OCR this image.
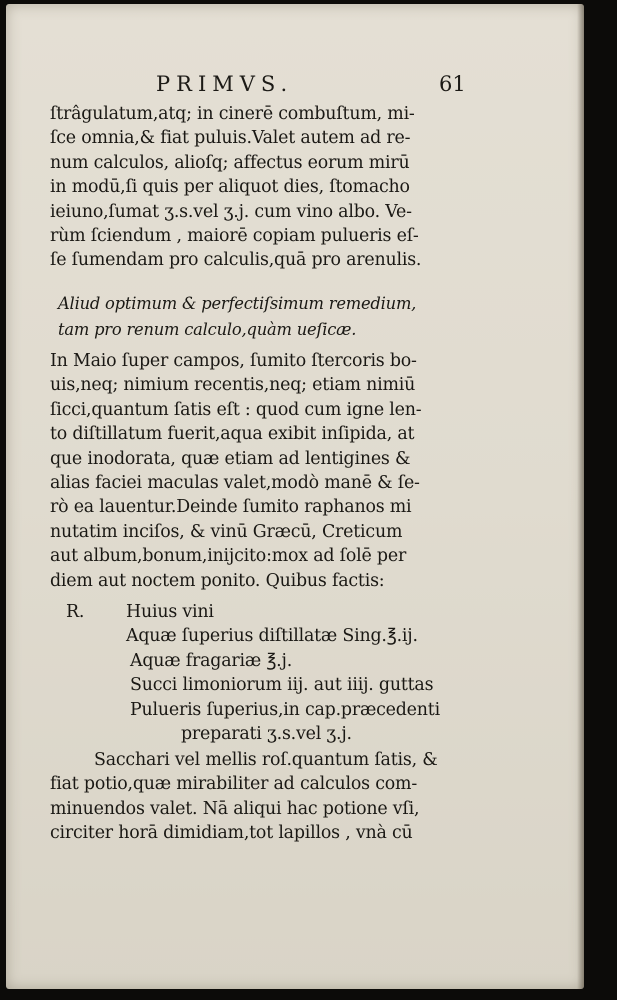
PRIMVS.	61
ſtrâgulatum,atq; in cinerē combuſtum, mi-
ſce omnia,& fiat puluis.Valet autem ad re-
num calculos, alioſq; affectus eorum mirū
in modū,ſi quis per aliquot dies, ſtomacho
ieiuno,ſumat ʒ.s.vel ʒ.j. cum vino albo. Ve-
rùm ſciendum , maiorē copiam pulueris eſ-
ſe ſumendam pro calculis,quā pro arenulis.
Aliud optimum & perfectiſsimum remedium,
tam pro renum calculo,quàm ueſicæ.
In Maio ſuper campos, ſumito ſtercoris bo-
uis,neq; nimium recentis,neq; etiam nimiū
ſicci,quantum ſatis eſt : quod cum igne len-
to diſtillatum fuerit,aqua exibit inſipida, at
que inodorata, quæ etiam ad lentigines &
alias faciei maculas valet,modò manē & ſe-
rò ea lauentur.Deinde ſumito raphanos mi
nutatim inciſos, & vinū Græcū, Creticum
aut album,bonum,inijcito:mox ad ſolē per
diem aut noctem ponito. Quibus factis:
R. Huius vini
Aquæ ſuperius diſtillatæ Sing.℥.ij.
Aquæ fragariæ ℥.j.
Succi limoniorum iij. aut iiij. guttas
Pulueris ſuperius,in cap.præcedenti
preparati ʒ.s.vel ʒ.j.
Sacchari vel mellis roſ.quantum ſatis, &
fiat potio,quæ mirabiliter ad calculos com-
minuendos valet. Nā aliqui hac potione vſi,
circiter horā dimidiam,tot lapillos , vnà cū
